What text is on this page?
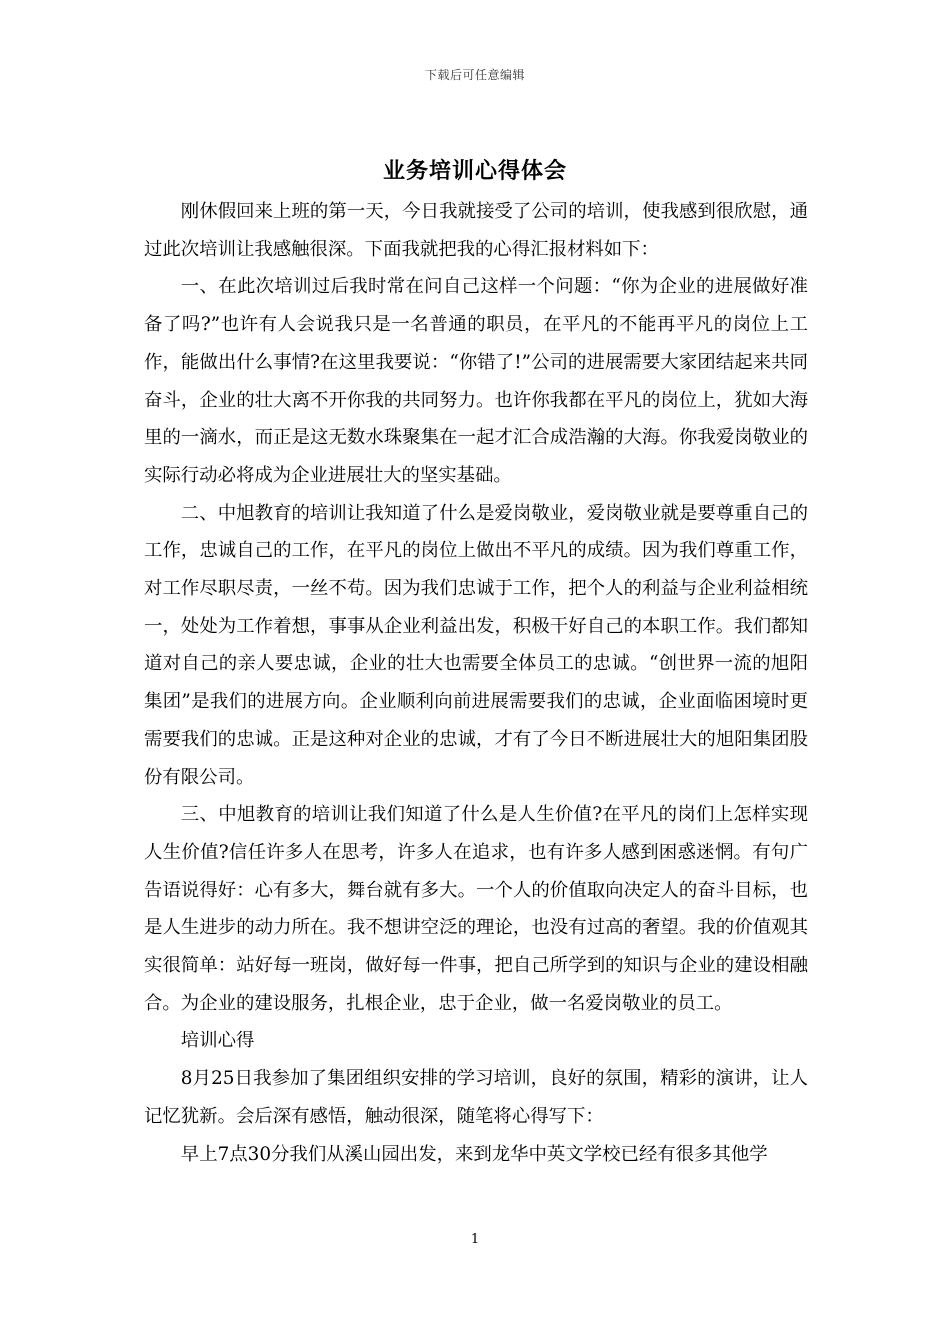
下载后可任意编辑
业务培训心得体会

刚休假回来上班的第一天，今日我就接受了公司的培训，使我感到很欣慰，通过此次培训让我感触很深。下面我就把我的心得汇报材料如下：

一、在此次培训过后我时常在问自己这样一个问题：“你为企业的进展做好准备了吗?”也许有人会说我只是一名普通的职员，在平凡的不能再平凡的岗位上工作，能做出什么事情?在这里我要说：“你错了!”公司的进展需要大家团结起来共同奋斗，企业的壮大离不开你我的共同努力。也许你我都在平凡的岗位上，犹如大海里的一滴水，而正是这无数水珠聚集在一起才汇合成浩瀚的大海。你我爱岗敬业的实际行动必将成为企业进展壮大的坚实基础。

二、中旭教育的培训让我知道了什么是爱岗敬业，爱岗敬业就是要尊重自己的工作，忠诚自己的工作，在平凡的岗位上做出不平凡的成绩。因为我们尊重工作，对工作尽职尽责，一丝不苟。因为我们忠诚于工作，把个人的利益与企业利益相统一，处处为工作着想，事事从企业利益出发，积极干好自己的本职工作。我们都知道对自己的亲人要忠诚，企业的壮大也需要全体员工的忠诚。“创世界一流的旭阳集团”是我们的进展方向。企业顺利向前进展需要我们的忠诚，企业面临困境时更需要我们的忠诚。正是这种对企业的忠诚，才有了今日不断进展壮大的旭阳集团股份有限公司。

三、中旭教育的培训让我们知道了什么是人生价值?在平凡的岗们上怎样实现人生价值?信任许多人在思考，许多人在追求，也有许多人感到困惑迷惘。有句广告语说得好：心有多大，舞台就有多大。一个人的价值取向决定人的奋斗目标，也是人生进步的动力所在。我不想讲空泛的理论，也没有过高的奢望。我的价值观其实很简单：站好每一班岗，做好每一件事，把自己所学到的知识与企业的建设相融合。为企业的建设服务，扎根企业，忠于企业，做一名爱岗敬业的员工。

培训心得

8月25日我参加了集团组织安排的学习培训，良好的氛围，精彩的演讲，让人记忆犹新。会后深有感悟，触动很深，随笔将心得写下：

早上7点30分我们从溪山园出发，来到龙华中英文学校已经有很多其他学

1
